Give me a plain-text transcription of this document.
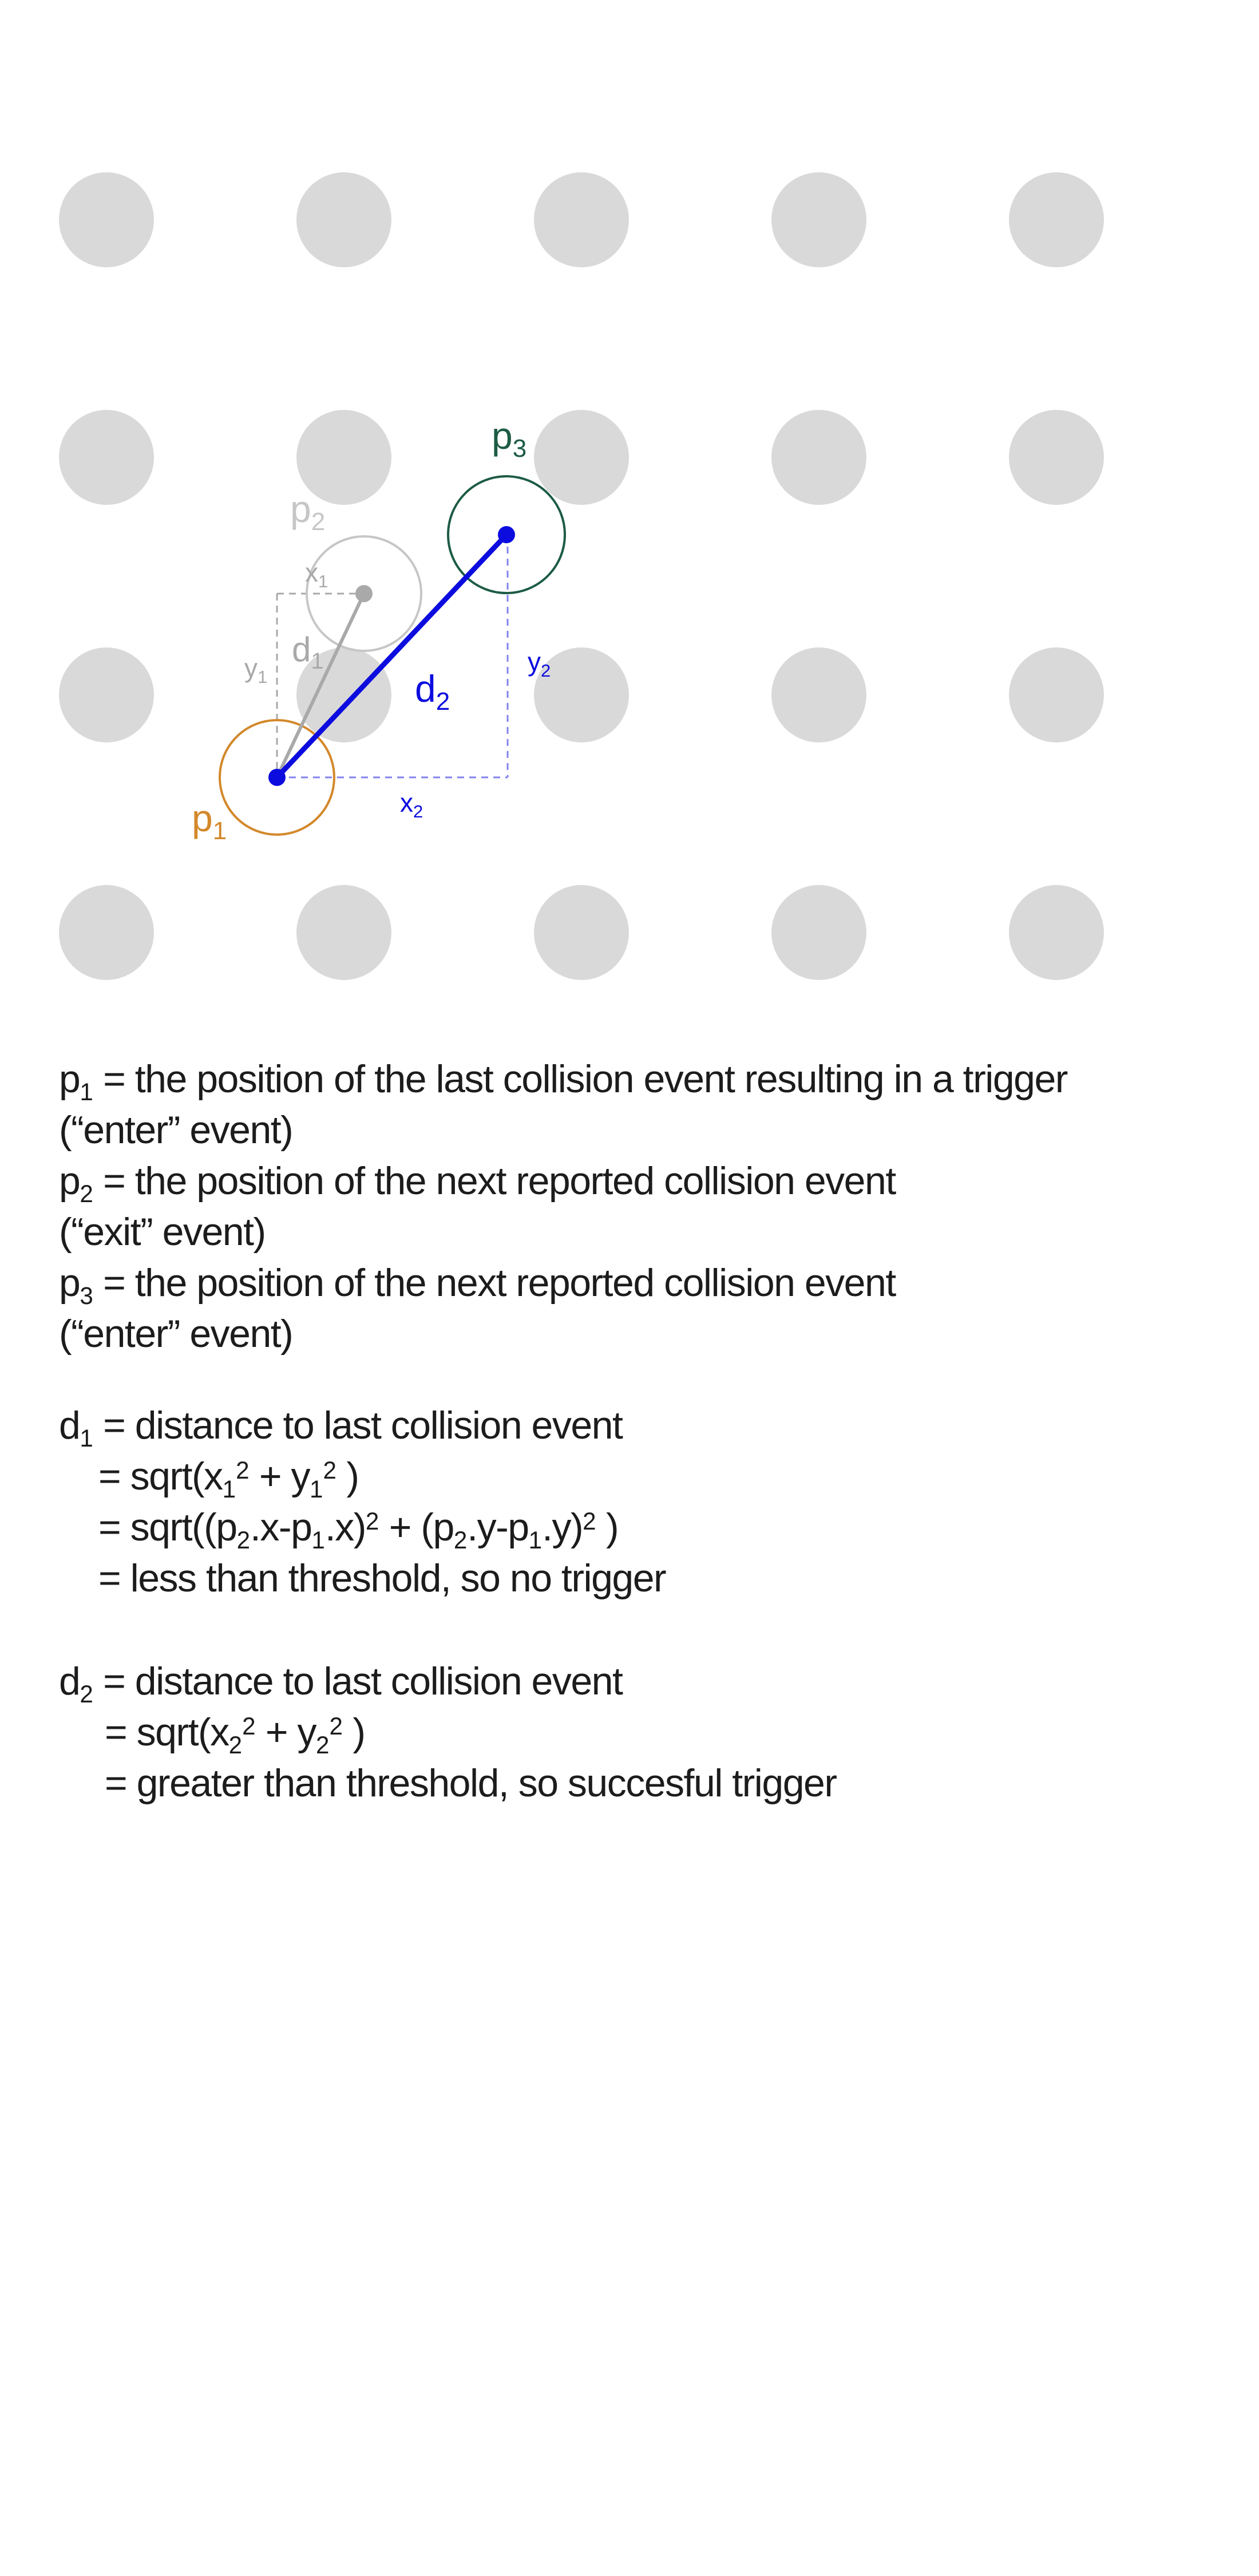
$p_3$
$p_2$
$x_1$
$y_1$
$d_1$
$d_2$
$y_2$
$x_2$
$p_1$
$p_1$ = the position of the last collision event resulting in a trigger
(“enter” event)
$p_2$ = the position of the next reported collision event
(“exit” event)
$p_3$ = the position of the next reported collision event
(“enter” event)
$d_1$ = distance to last collision event
= $sqrt(x_1^2 + y_1^2$ )
= $sqrt((p_2.x-p_1.x)^2 + (p_2.y-p_1.y)^2$ )
= less than threshold, so no trigger
$d_2$ = distance to last collision event
= $sqrt(x_2^2 + y_2^2$ )
= greater than threshold, so succesful trigger
